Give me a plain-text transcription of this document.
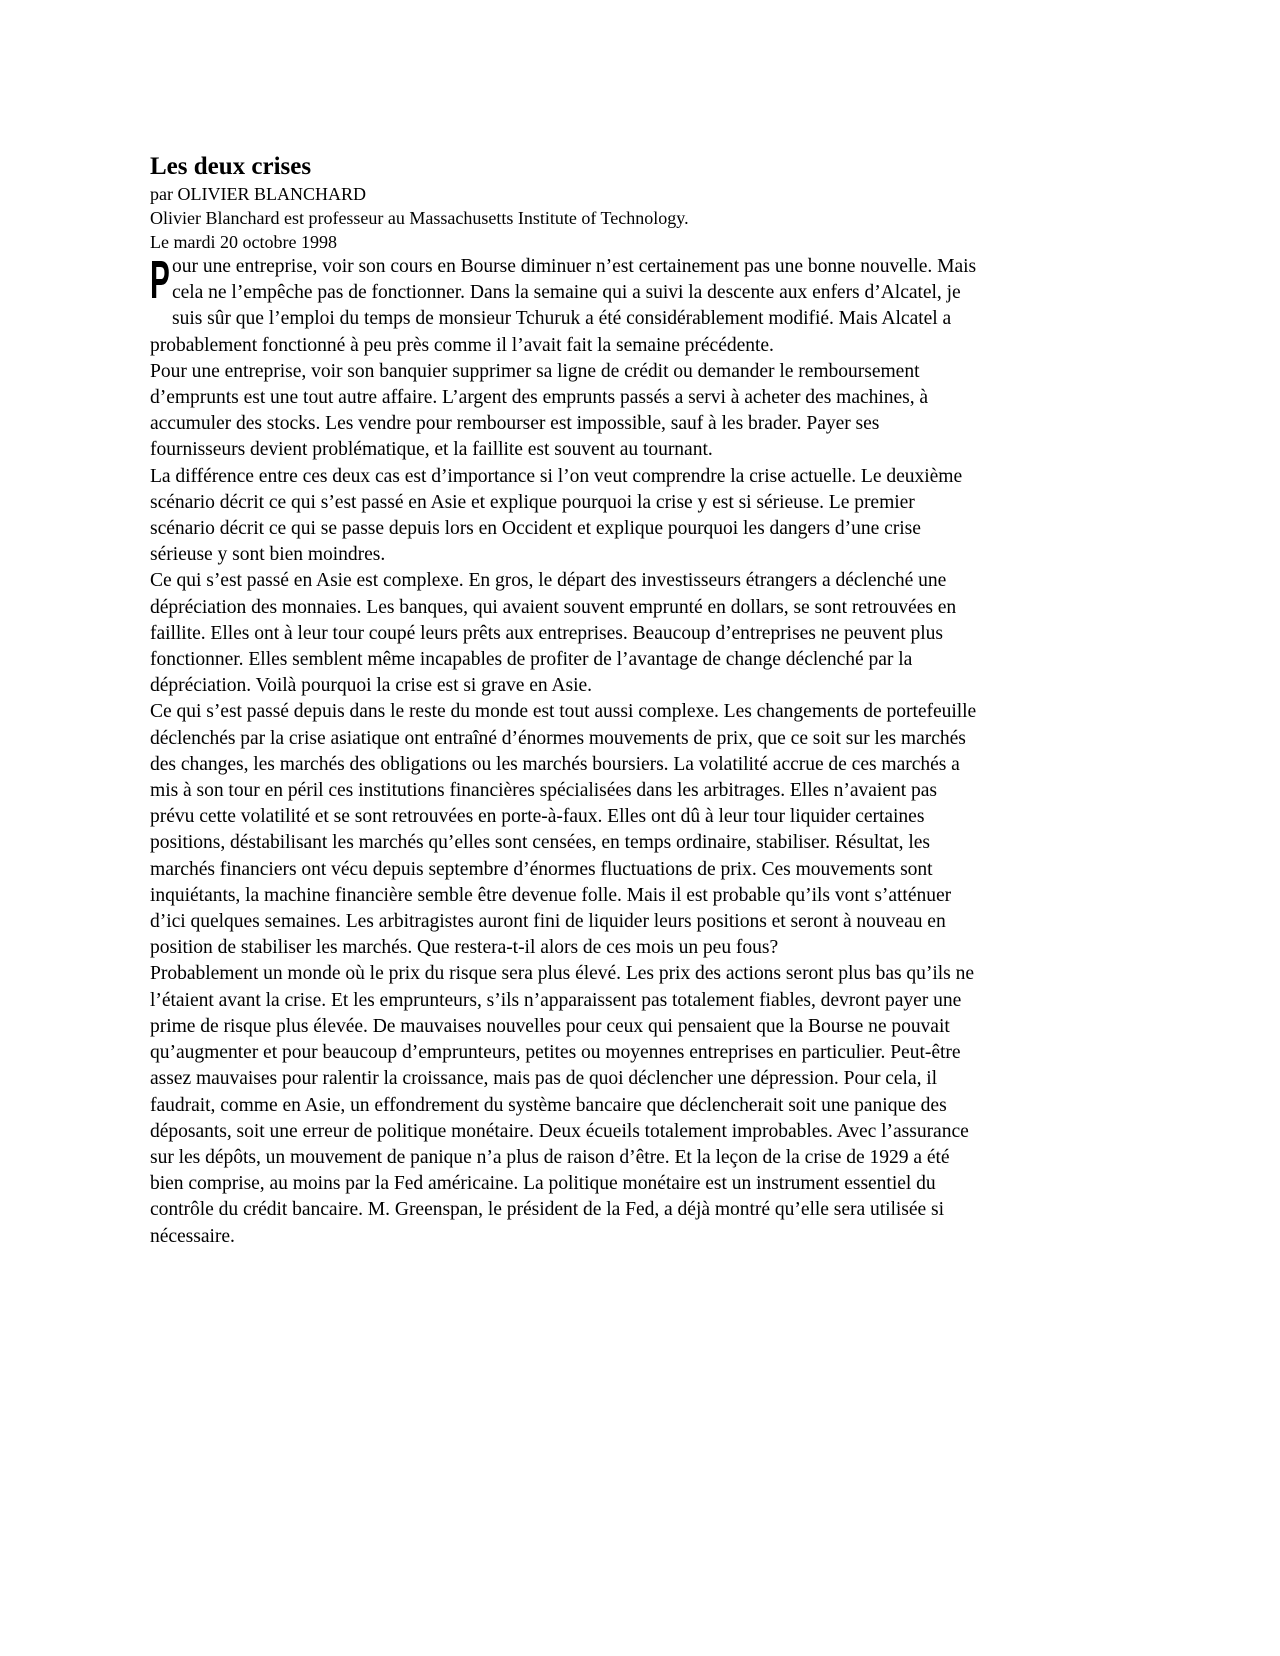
Les deux crises

par OLIVIER BLANCHARD

Olivier Blanchard est professeur au Massachusetts Institute of Technology.

Le mardi 20 octobre 1998

P our une entreprise, voir son cours en Bourse diminuer n’est certainement pas une bonne nouvelle. Mais
cela ne l’empêche pas de fonctionner. Dans la semaine qui a suivi la descente aux enfers d’Alcatel, je
suis sûr que l’emploi du temps de monsieur Tchuruk a été considérablement modifié. Mais Alcatel a
probablement fonctionné à peu près comme il l’avait fait la semaine précédente.
Pour une entreprise, voir son banquier supprimer sa ligne de crédit ou demander le remboursement
d’emprunts est une tout autre affaire. L’argent des emprunts passés a servi à acheter des machines, à
accumuler des stocks. Les vendre pour rembourser est impossible, sauf à les brader. Payer ses
fournisseurs devient problématique, et la faillite est souvent au tournant.
La différence entre ces deux cas est d’importance si l’on veut comprendre la crise actuelle. Le deuxième
scénario décrit ce qui s’est passé en Asie et explique pourquoi la crise y est si sérieuse. Le premier
scénario décrit ce qui se passe depuis lors en Occident et explique pourquoi les dangers d’une crise
sérieuse y sont bien moindres.
Ce qui s’est passé en Asie est complexe. En gros, le départ des investisseurs étrangers a déclenché une
dépréciation des monnaies. Les banques, qui avaient souvent emprunté en dollars, se sont retrouvées en
faillite. Elles ont à leur tour coupé leurs prêts aux entreprises. Beaucoup d’entreprises ne peuvent plus
fonctionner. Elles semblent même incapables de profiter de l’avantage de change déclenché par la
dépréciation. Voilà pourquoi la crise est si grave en Asie.
Ce qui s’est passé depuis dans le reste du monde est tout aussi complexe. Les changements de portefeuille
déclenchés par la crise asiatique ont entraîné d’énormes mouvements de prix, que ce soit sur les marchés
des changes, les marchés des obligations ou les marchés boursiers. La volatilité accrue de ces marchés a
mis à son tour en péril ces institutions financières spécialisées dans les arbitrages. Elles n’avaient pas
prévu cette volatilité et se sont retrouvées en porte-à-faux. Elles ont dû à leur tour liquider certaines
positions, déstabilisant les marchés qu’elles sont censées, en temps ordinaire, stabiliser. Résultat, les
marchés financiers ont vécu depuis septembre d’énormes fluctuations de prix. Ces mouvements sont
inquiétants, la machine financière semble être devenue folle. Mais il est probable qu’ils vont s’atténuer
d’ici quelques semaines. Les arbitragistes auront fini de liquider leurs positions et seront à nouveau en
position de stabiliser les marchés. Que restera-t-il alors de ces mois un peu fous?
Probablement un monde où le prix du risque sera plus élevé. Les prix des actions seront plus bas qu’ils ne
l’étaient avant la crise. Et les emprunteurs, s’ils n’apparaissent pas totalement fiables, devront payer une
prime de risque plus élevée. De mauvaises nouvelles pour ceux qui pensaient que la Bourse ne pouvait
qu’augmenter et pour beaucoup d’emprunteurs, petites ou moyennes entreprises en particulier. Peut-être
assez mauvaises pour ralentir la croissance, mais pas de quoi déclencher une dépression. Pour cela, il
faudrait, comme en Asie, un effondrement du système bancaire que déclencherait soit une panique des
déposants, soit une erreur de politique monétaire. Deux écueils totalement improbables. Avec l’assurance
sur les dépôts, un mouvement de panique n’a plus de raison d’être. Et la leçon de la crise de 1929 a été
bien comprise, au moins par la Fed américaine. La politique monétaire est un instrument essentiel du
contrôle du crédit bancaire. M. Greenspan, le président de la Fed, a déjà montré qu’elle sera utilisée si
nécessaire.
